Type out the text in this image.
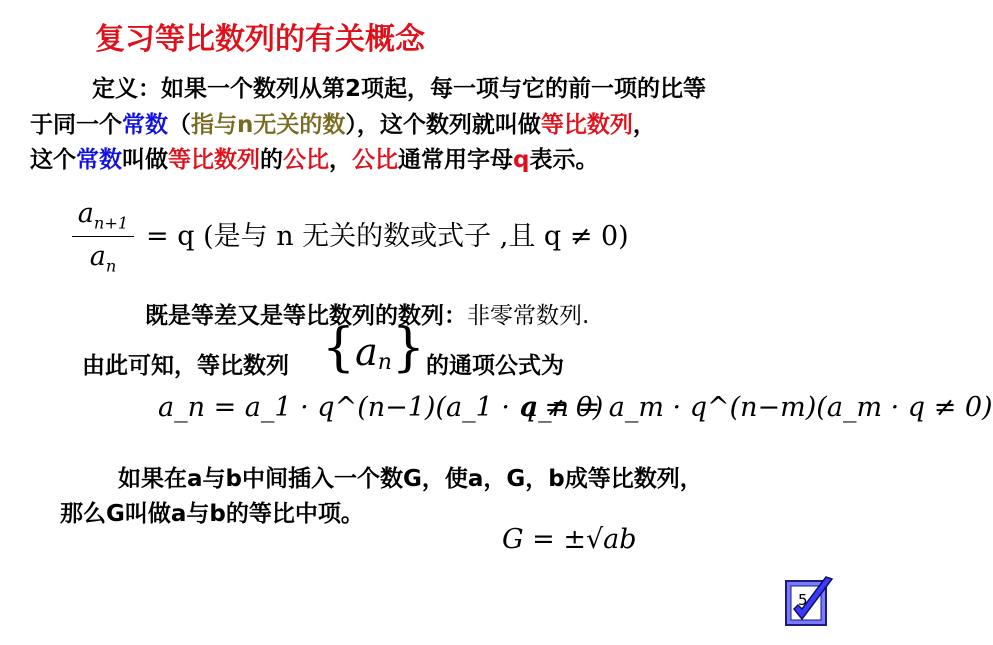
复习等比数列的有关概念
定义：如果一个数列从第2项起，每一项与它的前一项的比等
于同一个常数（指与n无关的数），这个数列就叫做等比数列，
这个常数叫做等比数列的公比，公比通常用字母q表示。
$a_{n+1}$
$a_n$
= q (是与 n 无关的数或式子 ,且 q ≠ 0)
既是等差又是等比数列的数列：非零常数列.
由此可知，等比数列 $\{a_n\}$ 的通项公式为
a_n = a_1 · q^(n−1)(a_1 · q ≠ 0)
a_n = a_m · q^(n−m)(a_m · q ≠ 0)
如果在a与b中间插入一个数G，使a，G，b成等比数列，
那么G叫做a与b的等比中项。
G = ±√ab
5
